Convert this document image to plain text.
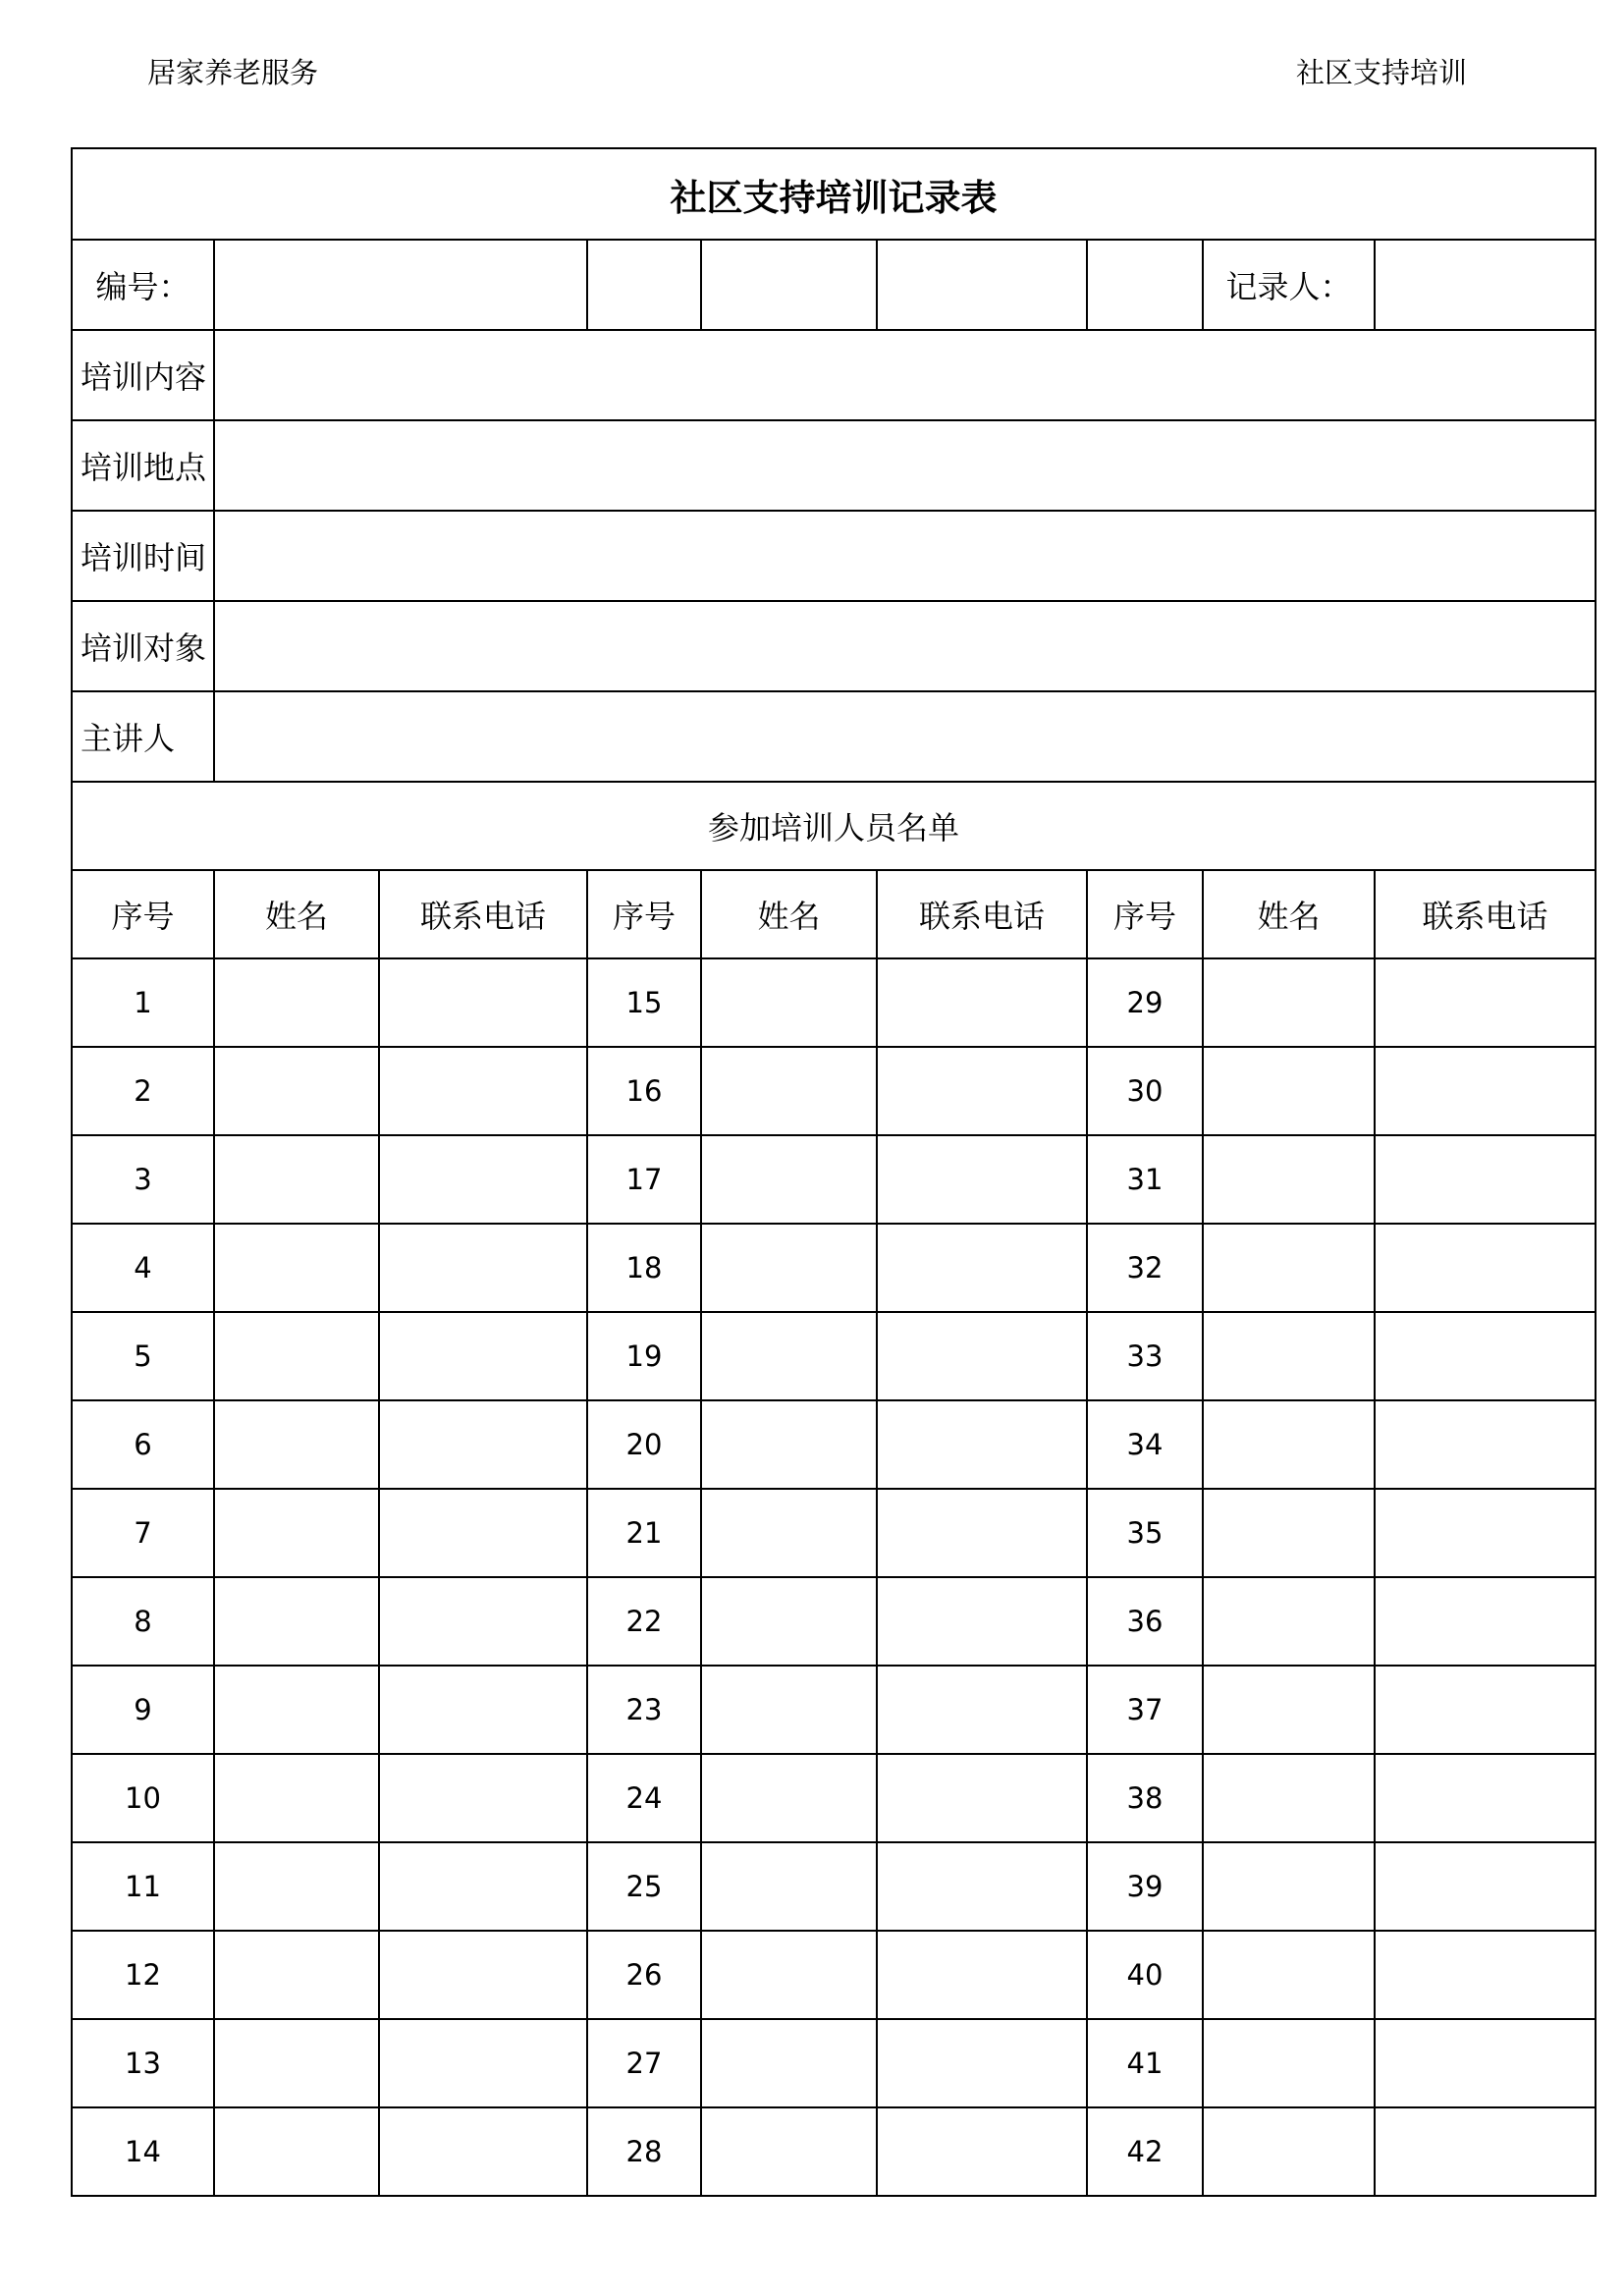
居家养老服务	社区支持培训
社区支持培训记录表								
编号：							记录人：	
培训内容								
培训地点								
培训时间								
培训对象								
主讲人								
参加培训人员名单								
序号	姓名	联系电话	序号	姓名	联系电话	序号	姓名	联系电话
1			15			29		
2			16			30		
3			17			31		
4			18			32		
5			19			33		
6			20			34		
7			21			35		
8			22			36		
9			23			37		
10			24			38		
11			25			39		
12			26			40		
13			27			41		
14			28			42		
